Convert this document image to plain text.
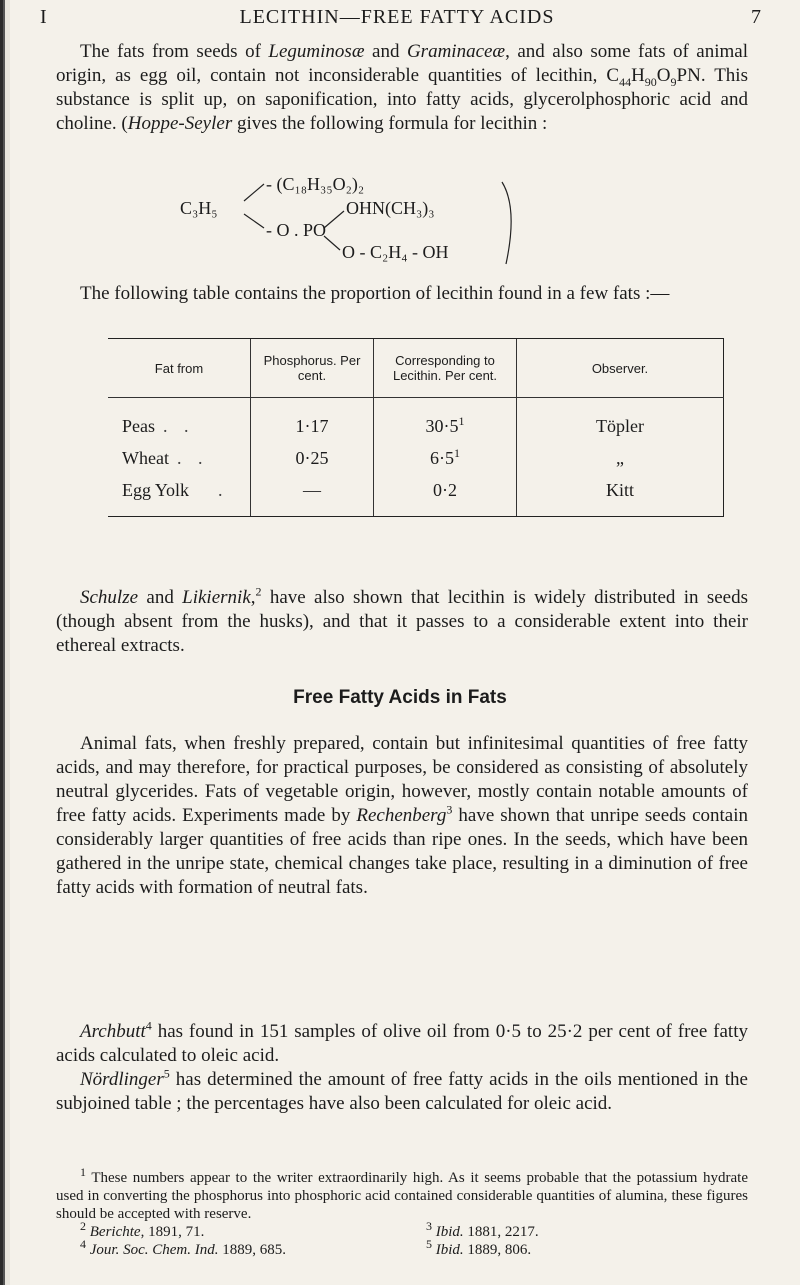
I	LECITHIN—FREE FATTY ACIDS	7

The fats from seeds of Leguminosæ and Graminaceæ, and also some fats of animal origin, as egg oil, contain not inconsiderable quantities of lecithin, $C_{44}H_{90}O_9PN$. This substance is split up, on saponification, into fatty acids, glycerolphosphoric acid and choline. (Hoppe-Seyler gives the following formula for lecithin :

C₃H₅
- (C₁₈H₃₅O₂)₂
- O . PO
OHN(CH₃)₃
O - C₂H₄ - OH

The following table contains the proportion of lecithin found in a few fats :—

Fat from	Phosphorus. Per cent.	Corresponding to Lecithin. Per cent.	Observer.
Peas . .	1·17	$30\cdot 5^1$	Töpler
Wheat . .	0·25	$6\cdot 5^1$	„
Egg Yolk  .	—	0·2	Kitt

Schulze and Likiernik,$^2$ have also shown that lecithin is widely distributed in seeds (though absent from the husks), and that it passes to a considerable extent into their ethereal extracts.

Free Fatty Acids in Fats

Animal fats, when freshly prepared, contain but infinitesimal quantities of free fatty acids, and may therefore, for practical purposes, be considered as consisting of absolutely neutral glycerides. Fats of vegetable origin, however, mostly contain notable amounts of free fatty acids. Experiments made by Rechenberg$^3$ have shown that unripe seeds contain considerably larger quantities of free acids than ripe ones. In the seeds, which have been gathered in the unripe state, chemical changes take place, resulting in a diminution of free fatty acids with formation of neutral fats.

Archbutt$^4$ has found in 151 samples of olive oil from 0·5 to 25·2 per cent of free fatty acids calculated to oleic acid.

Nördlinger$^5$ has determined the amount of free fatty acids in the oils mentioned in the subjoined table ; the percentages have also been calculated for oleic acid.

$^1$ These numbers appear to the writer extraordinarily high. As it seems probable that the potassium hydrate used in converting the phosphorus into phosphoric acid contained considerable quantities of alumina, these figures should be accepted with reserve.
$^2$ Berichte, 1891, 71.	$^3$ Ibid. 1881, 2217.
$^4$ Jour. Soc. Chem. Ind. 1889, 685.	$^5$ Ibid. 1889, 806.
